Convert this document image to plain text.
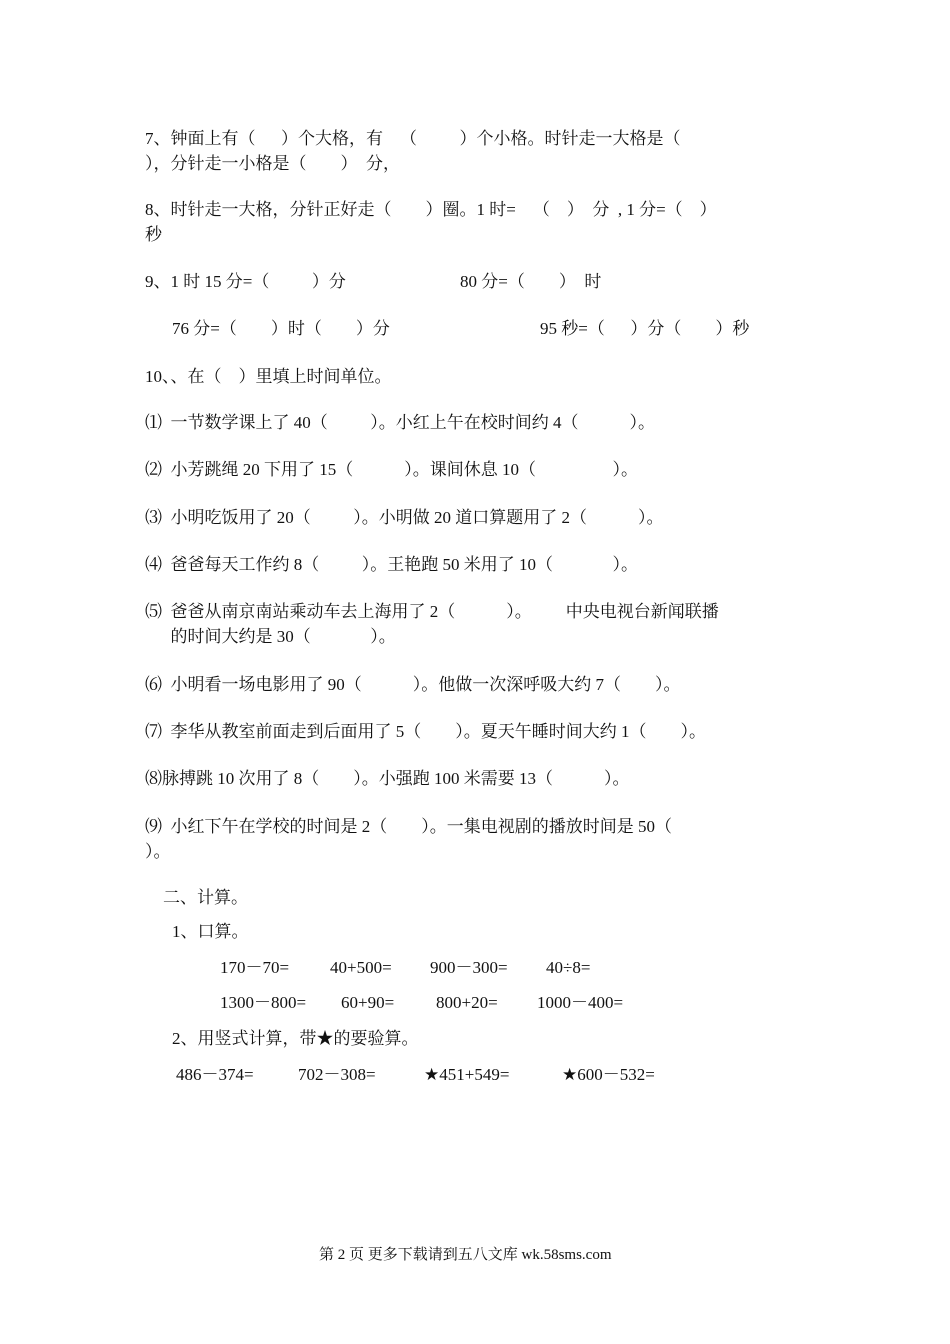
7、钟面上有（      ）个大格，有    （          ）个小格。时针走一大格是（
），分针走一小格是（        ）  分，
8、时针走一大格，分针正好走（        ）圈。1 时=    （    ）  分  , 1 分=（    ）
秒
9、1 时 15 分=（          ）分	80 分=（        ）  时
76 分=（        ）时（        ）分	95 秒=（      ）分（        ）秒
10、、在（    ）里填上时间单位。
⑴  一节数学课上了 40（          ）。小红上午在校时间约 4（            ）。
⑵  小芳跳绳 20 下用了 15（            ）。课间休息 10（                  ）。
⑶  小明吃饭用了 20（          ）。小明做 20 道口算题用了 2（            ）。
⑷  爸爸每天工作约 8（          ）。王艳跑 50 米用了 10（              ）。
⑸  爸爸从南京南站乘动车去上海用了 2（            ）。        中央电视台新闻联播
的时间大约是 30（              ）。
⑹  小明看一场电影用了 90（            ）。他做一次深呼吸大约 7（        ）。
⑺  李华从教室前面走到后面用了 5（        ）。夏天午睡时间大约 1（        ）。
⑻脉搏跳 10 次用了 8（        ）。小强跑 100 米需要 13（            ）。
⑼  小红下午在学校的时间是 2（        ）。一集电视剧的播放时间是 50（
）。
二、计算。
1、口算。
170－70= 40+500= 900－300= 40÷8=
1300－800= 60+90= 800+20= 1000－400=
2、用竖式计算，带★的要验算。
486－374=	702－308=	★451+549=	★600－532=
第 2 页 更多下载请到五八文库 wk.58sms.com
